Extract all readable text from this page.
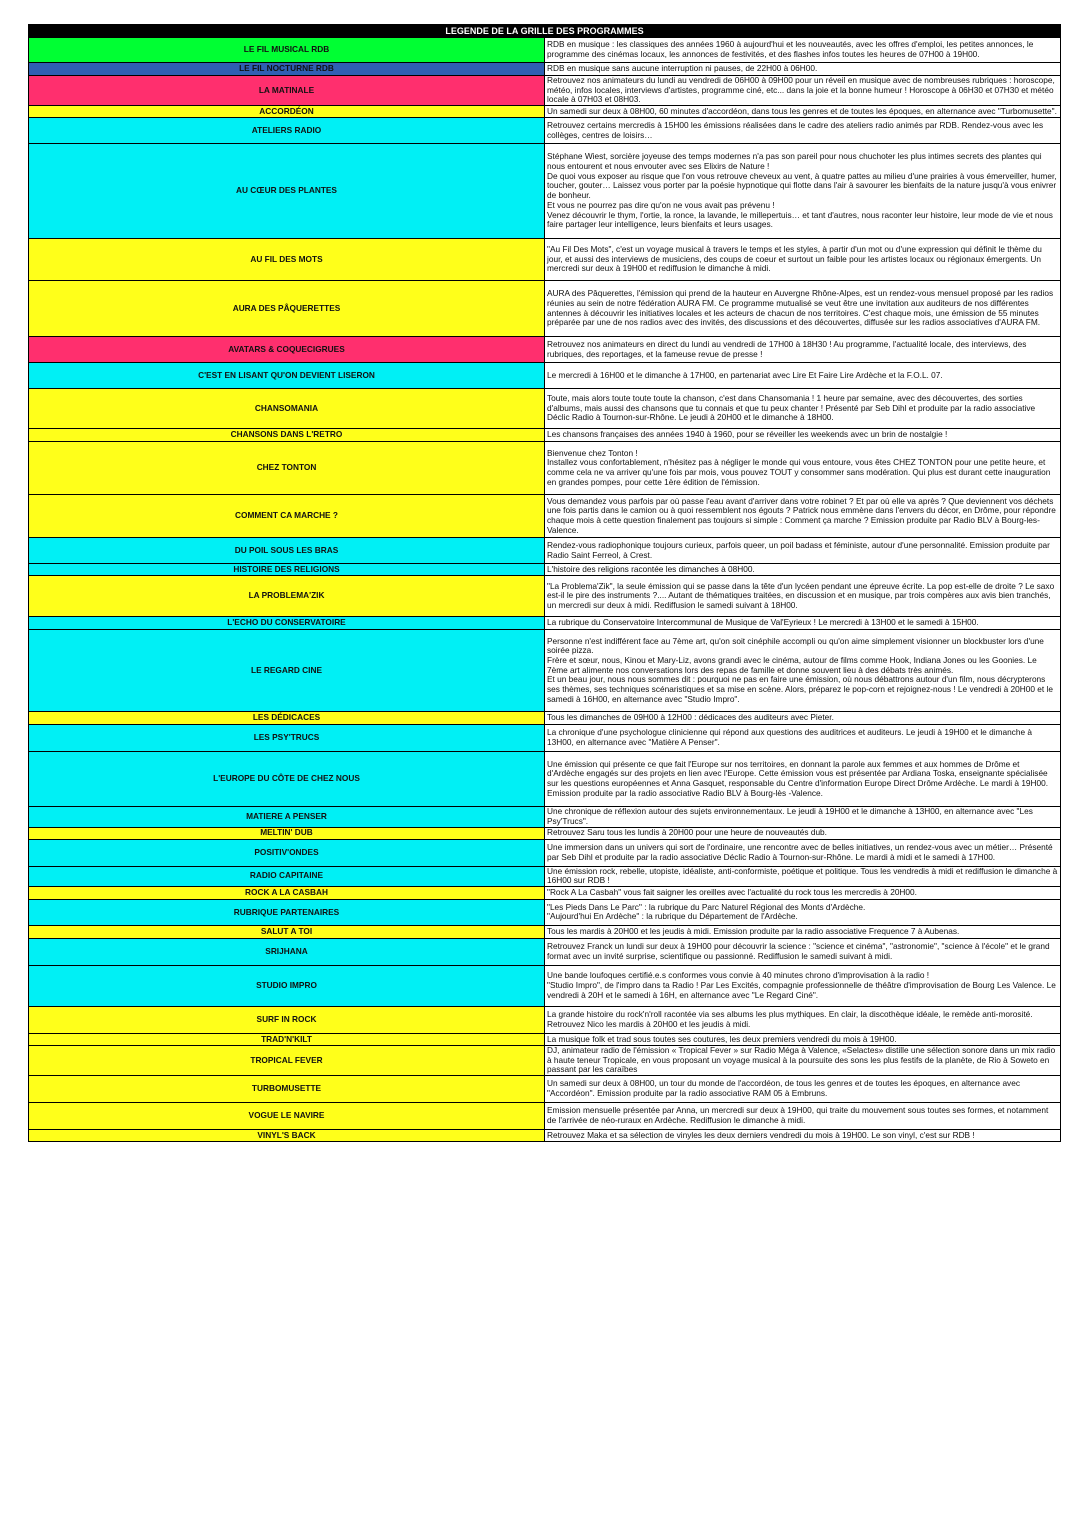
LEGENDE DE LA GRILLE DES PROGRAMMES	
LE FIL MUSICAL RDB	RDB en musique : les classiques des années 1960 à aujourd'hui et les nouveautés, avec les offres d'emploi, les petites annonces, le programme des cinémas locaux, les annonces de festivités, et des flashes infos toutes les heures de 07H00 à 19H00.
LE FIL NOCTURNE RDB	RDB en musique sans aucune interruption ni pauses, de 22H00 à 06H00.
LA MATINALE	Retrouvez nos animateurs du lundi au vendredi de 06H00 à 09H00 pour un réveil en musique avec de nombreuses rubriques : horoscope, météo, infos locales, interviews d'artistes, programme ciné, etc... dans la joie et la bonne humeur ! Horoscope à 06H30 et 07H30 et météo locale à 07H03 et 08H03.
ACCORDÉON	Un samedi sur deux à 08H00, 60 minutes d'accordéon, dans tous les genres et de toutes les époques, en alternance avec "Turbomusette".
ATELIERS RADIO	Retrouvez certains mercredis à 15H00 les émissions réalisées dans le cadre des ateliers radio animés par RDB. Rendez-vous avec les collèges, centres de loisirs…
AU CŒUR DES PLANTES	Stéphane Wiest, sorcière joyeuse des temps modernes n'a pas son pareil pour nous chuchoter les plus intimes secrets des plantes qui nous entourent et nous envouter avec ses Elixirs de Nature !
De quoi vous exposer au risque que l'on vous retrouve cheveux au vent, à quatre pattes au milieu d'une prairies à vous émerveiller, humer, toucher, gouter… Laissez vous porter par la poésie hypnotique qui flotte dans l'air à savourer les bienfaits de la nature jusqu'à vous enivrer de bonheur.
Et vous ne pourrez pas dire qu'on ne vous avait pas prévenu !
Venez découvrir le thym, l'ortie, la ronce, la lavande, le millepertuis… et tant d'autres, nous raconter leur histoire, leur mode de vie et nous faire partager leur intelligence, leurs bienfaits et leurs usages.
AU FIL DES MOTS	"Au Fil Des Mots", c'est un voyage musical à travers le temps et les styles, à partir d'un mot ou d'une expression qui définit le thème du jour, et aussi des interviews de musiciens, des coups de coeur et surtout un faible pour les artistes locaux ou régionaux émergents. Un mercredi sur deux à 19H00 et rediffusion le dimanche à midi.
AURA DES PÂQUERETTES	AURA des Pâquerettes, l'émission qui prend de la hauteur en Auvergne Rhône-Alpes, est un rendez-vous mensuel proposé par les radios réunies au sein de notre fédération AURA FM. Ce programme mutualisé se veut être une invitation aux auditeurs de nos différentes antennes à découvrir les initiatives locales et les acteurs de chacun de nos territoires. C'est chaque mois, une émission de 55 minutes préparée par une de nos radios avec des invités, des discussions et des découvertes, diffusée sur les radios associatives d'AURA FM.
AVATARS & COQUECIGRUES	Retrouvez nos animateurs en direct du lundi au vendredi de 17H00 à 18H30 ! Au programme, l'actualité locale, des interviews, des rubriques, des reportages, et la fameuse revue de presse !
C'EST EN LISANT QU'ON DEVIENT LISERON	Le mercredi à 16H00 et le dimanche à 17H00, en partenariat avec Lire Et Faire Lire Ardèche et la F.O.L. 07.
CHANSOMANIA	Toute, mais alors toute toute toute la chanson, c'est dans Chansomania ! 1 heure par semaine, avec des découvertes, des sorties d'albums, mais aussi des chansons que tu connais et que tu peux chanter ! Présenté par Seb Dihl et produite par la radio associative Déclic Radio à Tournon-sur-Rhône. Le jeudi à 20H00 et le dimanche à 18H00.
CHANSONS DANS L'RETRO	Les chansons françaises des années 1940 à 1960, pour se réveiller les weekends avec un brin de nostalgie !
CHEZ TONTON	Bienvenue chez Tonton !
Installez vous confortablement, n'hésitez pas à négliger le monde qui vous entoure, vous êtes CHEZ TONTON pour une petite heure, et comme cela ne va arriver qu'une fois par mois, vous pouvez TOUT y consommer sans modération. Qui plus est durant cette inauguration en grandes pompes, pour cette 1ère édition de l'émission.
COMMENT CA MARCHE ?	Vous demandez vous parfois par où passe l'eau avant d'arriver dans votre robinet ? Et par où elle va après ? Que deviennent vos déchets une fois partis dans le camion ou à quoi ressemblent nos égouts ? Patrick nous emmène dans l'envers du décor, en Drôme, pour répondre chaque mois à cette question finalement pas toujours si simple : Comment ça marche ? Emission produite par Radio BLV à Bourg-les-Valence.
DU POIL SOUS LES BRAS	Rendez-vous radiophonique toujours curieux, parfois queer, un poil badass et féministe, autour d'une personnalité. Emission produite par Radio Saint Ferreol, à Crest.
HISTOIRE DES RELIGIONS	L'histoire des religions racontée les dimanches à 08H00.
LA PROBLEMA'ZIK	"La Problema'Zik", la seule émission qui se passe dans la tête d'un lycéen pendant une épreuve écrite. La pop est-elle de droite ? Le saxo est-il le pire des instruments ?.... Autant de thématiques traitées, en discussion et en musique, par trois compères aux avis bien tranchés, un mercredi sur deux à midi. Rediffusion le samedi suivant à 18H00.
L'ECHO DU CONSERVATOIRE	La rubrique du Conservatoire Intercommunal de Musique de Val'Eyrieux ! Le mercredi à 13H00 et le samedi à 15H00.
LE REGARD CINE	Personne n'est indifférent face au 7ème art, qu'on soit cinéphile accompli ou qu'on aime simplement visionner un blockbuster lors d'une soirée pizza.
Frère et sœur, nous, Kinou et Mary-Liz, avons grandi avec le cinéma, autour de films comme Hook, Indiana Jones ou les Goonies. Le 7ème art alimente nos conversations lors des repas de famille et donne souvent lieu à des débats très animés.
Et un beau jour, nous nous sommes dit : pourquoi ne pas en faire une émission, où nous débattrons autour d'un film, nous décrypterons ses thèmes, ses techniques scénaristiques et sa mise en scène. Alors, préparez le pop-corn et rejoignez-nous ! Le vendredi à 20H00 et le samedi à 16H00, en alternance avec "Studio Impro".
LES DÉDICACES	Tous les dimanches de 09H00 à 12H00 : dédicaces des auditeurs avec Pieter.
LES PSY'TRUCS	La chronique d'une psychologue clinicienne qui répond aux questions des auditrices et auditeurs. Le jeudi à 19H00 et le dimanche à 13H00, en alternance avec "Matière A Penser".
L'EUROPE DU CÔTE DE CHEZ NOUS	Une émission qui présente ce que fait l'Europe sur nos territoires, en donnant la parole aux femmes et aux hommes de Drôme et d'Ardèche engagés sur des projets en lien avec l'Europe. Cette émission vous est présentée par Ardiana Toska, enseignante spécialisée sur les questions européennes et Anna Gasquet, responsable du Centre d'information Europe Direct Drôme Ardèche. Le mardi à 19H00. Emission produite par la radio associative Radio BLV à Bourg-lès -Valence.
MATIERE A PENSER	Une chronique de réflexion autour des sujets environnementaux. Le jeudi à 19H00 et le dimanche à 13H00, en alternance avec "Les Psy'Trucs".
MELTIN' DUB	Retrouvez Saru tous les lundis à 20H00 pour une heure de nouveautés dub.
POSITIV'ONDES	Une immersion dans un univers qui sort de l'ordinaire, une rencontre avec de belles initiatives, un rendez-vous avec un métier… Présenté par Seb Dihl et produite par la radio associative Déclic Radio à Tournon-sur-Rhône. Le mardi à midi et le samedi à 17H00.
RADIO CAPITAINE	Une émission rock, rebelle, utopiste, idéaliste, anti-conformiste, poétique et politique. Tous les vendredis à midi et rediffusion le dimanche à 16H00 sur RDB !
ROCK A LA CASBAH	"Rock A La Casbah" vous fait saigner les oreilles avec l'actualité du rock tous les mercredis à 20H00.
RUBRIQUE PARTENAIRES	"Les Pieds Dans Le Parc" : la rubrique du Parc Naturel Régional des Monts d'Ardèche.
"Aujourd'hui En Ardèche" : la rubrique du Département de l'Ardèche.
SALUT A TOI	Tous les mardis à 20H00 et les jeudis à midi. Emission produite par la radio associative Frequence 7 à Aubenas.
SRIJHANA	Retrouvez Franck un lundi sur deux à 19H00 pour découvrir la science : "science et cinéma", "astronomie", "science à l'école" et le grand format avec un invité surprise, scientifique ou passionné. Rediffusion le samedi suivant à midi.
STUDIO IMPRO	Une bande loufoques certifié.e.s conformes vous convie à 40 minutes chrono d'improvisation à la radio !
"Studio Impro", de l'impro dans ta Radio ! Par Les Excités, compagnie professionnelle de théâtre d'improvisation de Bourg Les Valence. Le vendredi à 20H et le samedi à 16H, en alternance avec "Le Regard Ciné".
SURF IN ROCK	La grande histoire du rock'n'roll racontée via ses albums les plus mythiques. En clair, la discothèque idéale, le remède anti-morosité. Retrouvez Nico les mardis à 20H00 et les jeudis à midi.
TRAD'N'KILT	La musique folk et trad sous toutes ses coutures, les deux premiers vendredi du mois à 19H00.
TROPICAL FEVER	DJ, animateur radio de l'émission « Tropical Fever » sur Radio Méga à Valence, «Selactes» distille une sélection sonore dans un mix radio à haute teneur Tropicale, en vous proposant un voyage musical à la poursuite des sons les plus festifs de la planète, de Rio à Soweto en passant par les caraïbes
TURBOMUSETTE	Un samedi sur deux à 08H00, un tour du monde de l'accordéon, de tous les genres et de toutes les époques, en alternance avec "Accordéon". Emission produite par la radio associative RAM 05 à Embruns.
VOGUE LE NAVIRE	Emission mensuelle présentée par Anna, un mercredi sur deux à 19H00, qui traite du mouvement sous toutes ses formes, et notamment de l'arrivée de néo-ruraux en Ardèche. Rediffusion le dimanche à midi.
VINYL'S BACK	Retrouvez Maka et sa sélection de vinyles les deux derniers vendredi du mois à 19H00. Le son vinyl, c'est sur RDB !
